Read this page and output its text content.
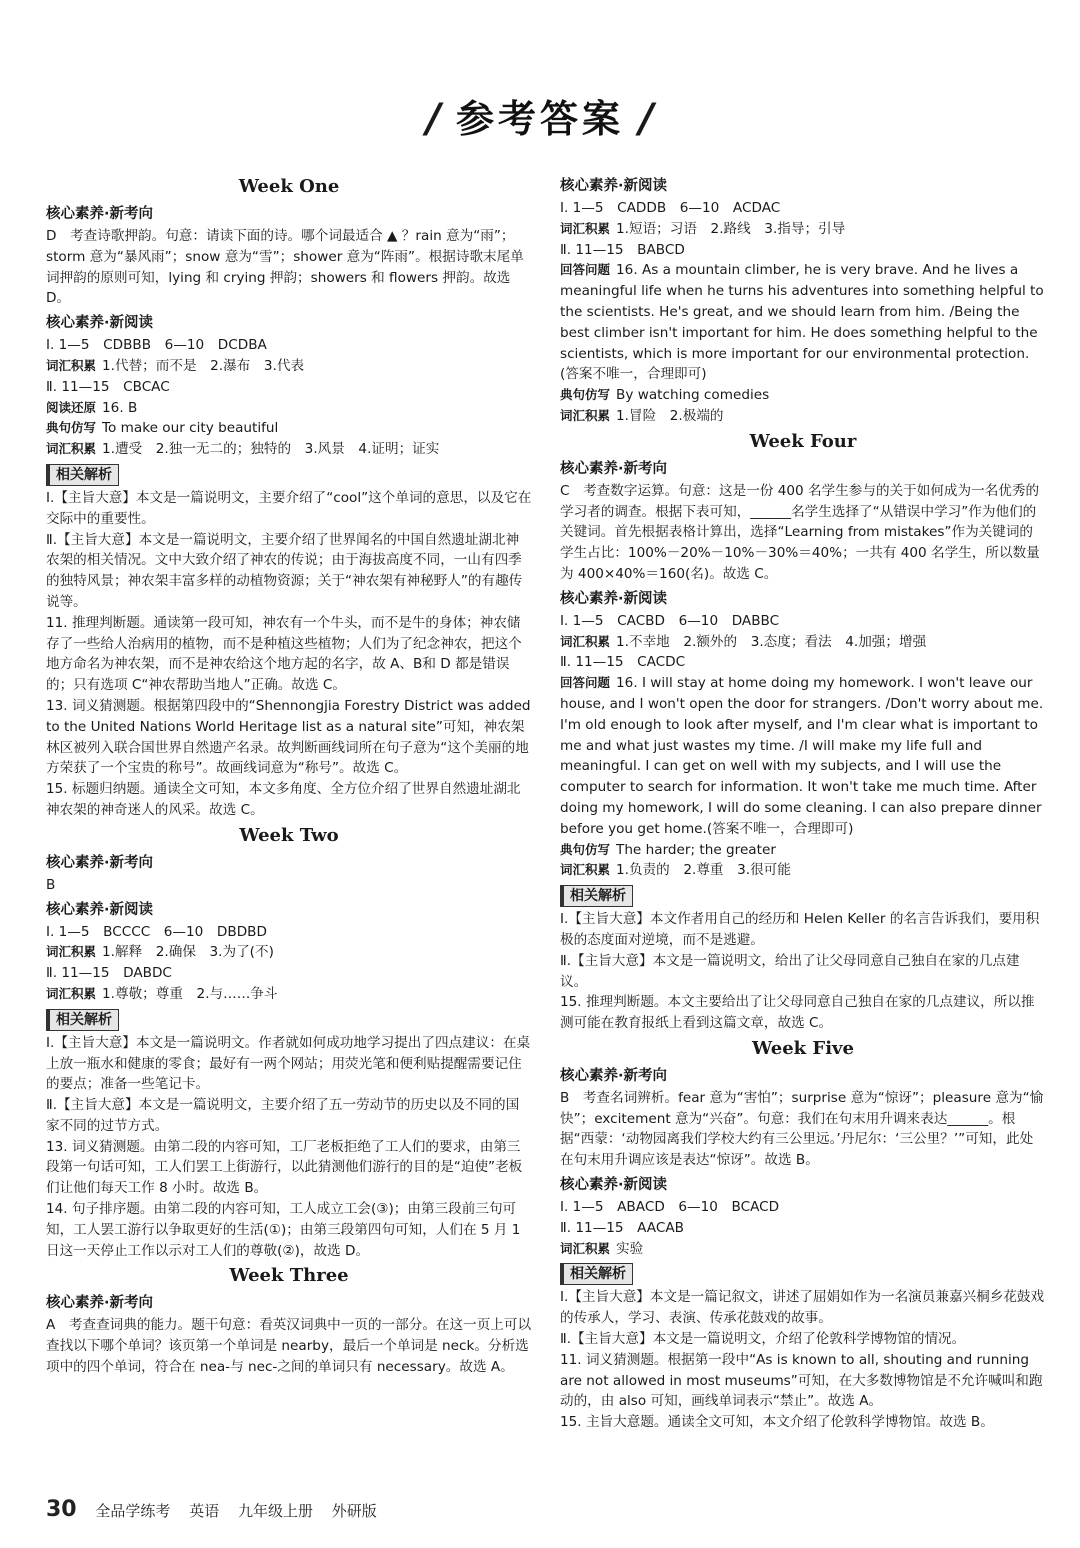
/ 参考答案 /
Week One
核心素养·新考向

D　考查诗歌押韵。句意：请读下面的诗。哪个词最适合 ▲ ？rain 意为“雨”；storm 意为“暴风雨”；snow 意为“雪”；shower 意为“阵雨”。根据诗歌末尾单词押韵的原则可知，lying 和 crying 押韵；showers 和 flowers 押韵。故选 D。

核心素养·新阅读

Ⅰ. 1—5　CDBBB　6—10　DCDBA

词汇积累 1.代替；而不是　2.瀑布　3.代表

Ⅱ. 11—15　CBCAC

阅读还原 16. B

典句仿写 To make our city beautiful

词汇积累 1.遭受　2.独一无二的；独特的　3.风景　4.证明；证实

相关解析

Ⅰ.【主旨大意】本文是一篇说明文，主要介绍了“cool”这个单词的意思，以及它在交际中的重要性。

Ⅱ.【主旨大意】本文是一篇说明文，主要介绍了世界闻名的中国自然遗址湖北神农架的相关情况。文中大致介绍了神农的传说；由于海拔高度不同，一山有四季的独特风景；神农架丰富多样的动植物资源；关于“神农架有神秘野人”的有趣传说等。

11. 推理判断题。通读第一段可知，神农有一个牛头，而不是牛的身体；神农储存了一些给人治病用的植物，而不是种植这些植物；人们为了纪念神农，把这个地方命名为神农架，而不是神农给这个地方起的名字，故 A、B和 D 都是错误的；只有选项 C“神农帮助当地人”正确。故选 C。

13. 词义猜测题。根据第四段中的“Shennongjia Forestry District was added to the United Nations World Heritage list as a natural site”可知，神农架林区被列入联合国世界自然遗产名录。故判断画线词所在句子意为“这个美丽的地方荣获了一个宝贵的称号”。故画线词意为“称号”。故选 C。

15. 标题归纳题。通读全文可知，本文多角度、全方位介绍了世界自然遗址湖北神农架的神奇迷人的风采。故选 C。

Week Two
核心素养·新考向

B

核心素养·新阅读

Ⅰ. 1—5　BCCCC　6—10　DBDBD

词汇积累 1.解释　2.确保　3.为了(不)

Ⅱ. 11—15　DABDC

词汇积累 1.尊敬；尊重　2.与……争斗

相关解析

Ⅰ.【主旨大意】本文是一篇说明文。作者就如何成功地学习提出了四点建议：在桌上放一瓶水和健康的零食；最好有一两个网站；用荧光笔和便利贴提醒需要记住的要点；准备一些笔记卡。

Ⅱ.【主旨大意】本文是一篇说明文，主要介绍了五一劳动节的历史以及不同的国家不同的过节方式。

13. 词义猜测题。由第二段的内容可知，工厂老板拒绝了工人们的要求，由第三段第一句话可知，工人们罢工上街游行，以此猜测他们游行的目的是“迫使”老板们让他们每天工作 8 小时。故选 B。

14. 句子排序题。由第二段的内容可知，工人成立工会(③)；由第三段前三句可知，工人罢工游行以争取更好的生活(①)；由第三段第四句可知，人们在 5 月 1 日这一天停止工作以示对工人们的尊敬(②)，故选 D。

Week Three
核心素养·新考向

A　考查查词典的能力。题干句意：看英汉词典中一页的一部分。在这一页上可以查找以下哪个单词？该页第一个单词是 nearby，最后一个单词是 neck。分析选项中的四个单词，符合在 nea-与 nec-之间的单词只有 necessary。故选 A。

核心素养·新阅读

Ⅰ. 1—5　CADDB　6—10　ACDAC

词汇积累 1.短语；习语　2.路线　3.指导；引导

Ⅱ. 11—15　BABCD

回答问题 16. As a mountain climber, he is very brave. And he lives a meaningful life when he turns his adventures into something helpful to the scientists. He's great, and we should learn from him. /Being the best climber isn't important for him. He does something helpful to the scientists, which is more important for our environmental protection.(答案不唯一，合理即可)

典句仿写 By watching comedies

词汇积累 1.冒险　2.极端的

Week Four
核心素养·新考向

C　考查数字运算。句意：这是一份 400 名学生参与的关于如何成为一名优秀的学习者的调查。根据下表可知，______名学生选择了“从错误中学习”作为他们的关键词。首先根据表格计算出，选择“Learning from mistakes”作为关键词的学生占比：100%－20%－10%－30%＝40%；一共有 400 名学生，所以数量为 400×40%＝160(名)。故选 C。

核心素养·新阅读

Ⅰ. 1—5　CACBD　6—10　DABBC

词汇积累 1.不幸地　2.额外的　3.态度；看法　4.加强；增强

Ⅱ. 11—15　CACDC

回答问题 16. I will stay at home doing my homework. I won't leave our house, and I won't open the door for strangers. /Don't worry about me. I'm old enough to look after myself, and I'm clear what is important to me and what just wastes my time. /I will make my life full and meaningful. I can get on well with my subjects, and I will use the computer to search for information. It won't take me much time. After doing my homework, I will do some cleaning. I can also prepare dinner before you get home.(答案不唯一，合理即可)

典句仿写 The harder; the greater

词汇积累 1.负责的　2.尊重　3.很可能

相关解析

Ⅰ.【主旨大意】本文作者用自己的经历和 Helen Keller 的名言告诉我们，要用积极的态度面对逆境，而不是逃避。

Ⅱ.【主旨大意】本文是一篇说明文，给出了让父母同意自己独自在家的几点建议。

15. 推理判断题。本文主要给出了让父母同意自己独自在家的几点建议，所以推测可能在教育报纸上看到这篇文章，故选 C。

Week Five
核心素养·新考向

B　考查名词辨析。fear 意为“害怕”；surprise 意为“惊讶”；pleasure 意为“愉快”；excitement 意为“兴奋”。句意：我们在句末用升调来表达______。根据“西蒙：‘动物园离我们学校大约有三公里远。’丹尼尔：‘三公里？’”可知，此处在句末用升调应该是表达“惊讶”。故选 B。

核心素养·新阅读

Ⅰ. 1—5　ABACD　6—10　BCACD

Ⅱ. 11—15　AACAB

词汇积累 实验

相关解析

Ⅰ.【主旨大意】本文是一篇记叙文，讲述了屈娟如作为一名演员兼嘉兴桐乡花鼓戏的传承人，学习、表演、传承花鼓戏的故事。

Ⅱ.【主旨大意】本文是一篇说明文，介绍了伦敦科学博物馆的情况。

11. 词义猜测题。根据第一段中“As is known to all, shouting and running are not allowed in most museums”可知，在大多数博物馆是不允许喊叫和跑动的，由 also 可知，画线单词表示“禁止”。故选 A。

15. 主旨大意题。通读全文可知，本文介绍了伦敦科学博物馆。故选 B。

30 全品学练考 英语 九年级上册 外研版
